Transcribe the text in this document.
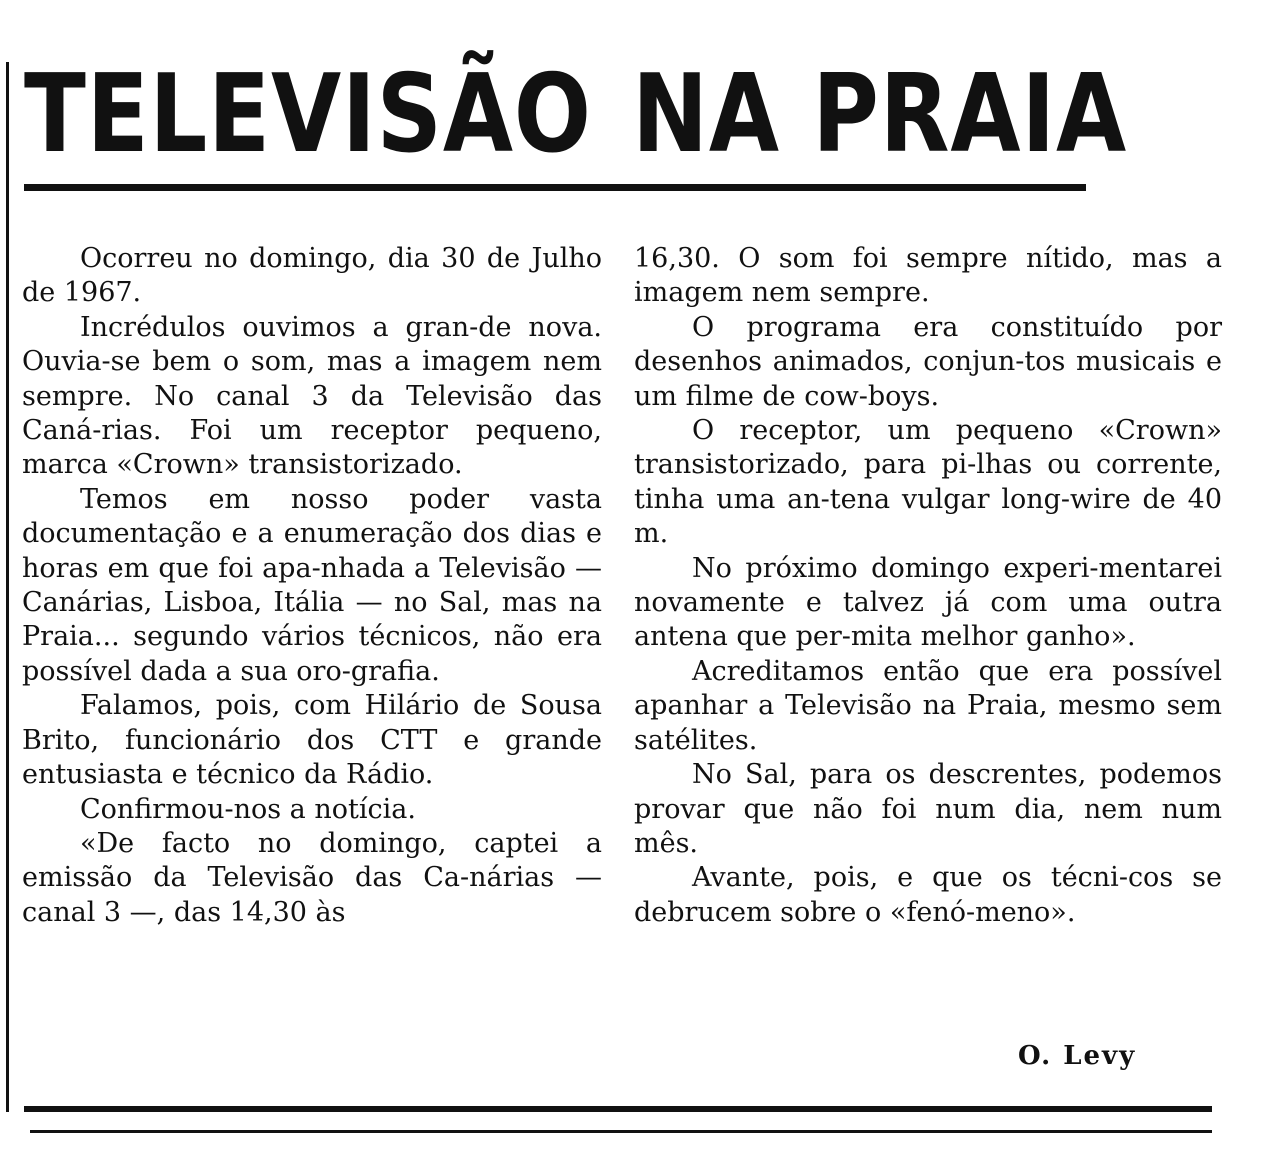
TELEVISÃO NA PRAIA

Ocorreu no domingo, dia 30 de Julho de 1967.

Incrédulos ouvimos a gran-de nova. Ouvia-se bem o som, mas a imagem nem sempre. No canal 3 da Televisão das Caná-rias. Foi um receptor pequeno, marca «Crown» transistorizado.

Temos em nosso poder vasta documentação e a enumeração dos dias e horas em que foi apa-nhada a Televisão — Canárias, Lisboa, Itália — no Sal, mas na Praia... segundo vários técnicos, não era possível dada a sua oro-grafia.

Falamos, pois, com Hilário de Sousa Brito, funcionário dos CTT e grande entusiasta e técnico da Rádio.

Confirmou-nos a notícia.

«De facto no domingo, captei a emissão da Televisão das Ca-nárias — canal 3 —, das 14,30 às

16,30. O som foi sempre nítido, mas a imagem nem sempre.

O programa era constituído por desenhos animados, conjun-tos musicais e um filme de cow-boys.

O receptor, um pequeno «Crown» transistorizado, para pi-lhas ou corrente, tinha uma an-tena vulgar long-wire de 40 m.

No próximo domingo experi-mentarei novamente e talvez já com uma outra antena que per-mita melhor ganho».

Acreditamos então que era possível apanhar a Televisão na Praia, mesmo sem satélites.

No Sal, para os descrentes, podemos provar que não foi num dia, nem num mês.

Avante, pois, e que os técni-cos se debrucem sobre o «fenó-meno».

O. Levy
